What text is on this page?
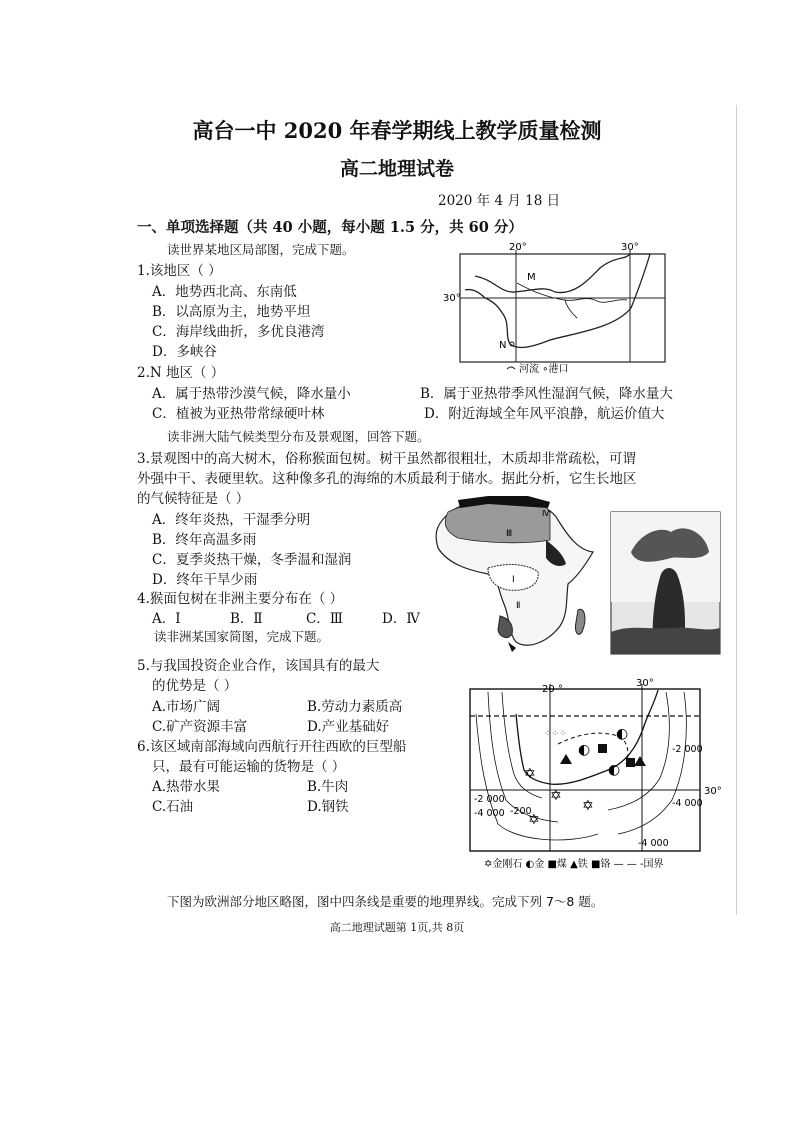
高台一中 2020 年春学期线上教学质量检测
高二地理试卷
2020 年 4 月 18 日
一、单项选择题（共 40 小题，每小题 1.5 分，共 60 分）
读世界某地区局部图，完成下题。
1.该地区（ ）
A．地势西北高、东南低
B．以高原为主，地势平坦
C．海岸线曲折，多优良港湾
D．多峡谷
M
N
20°	30°
30°
河流 ∘港口
2.N 地区（ ）
A．属于热带沙漠气候，降水量小	B．属于亚热带季风性湿润气候，降水量大
C．植被为亚热带常绿硬叶林	D．附近海域全年风平浪静，航运价值大
读非洲大陆气候类型分布及景观图，回答下题。
3.景观图中的高大树木，俗称猴面包树。树干虽然都很粗壮，木质却非常疏松，可谓
外强中干、表硬里软。这种像多孔的海绵的木质最利于储水。据此分析，它生长地区
的气候特征是（ ）
A．终年炎热，干湿季分明
B．终年高温多雨
C．夏季炎热干燥，冬季温和湿润
D．终年干旱少雨
4.猴面包树在非洲主要分布在（ ）
A．Ⅰ	B．Ⅱ	C．Ⅲ	D．Ⅳ
Ⅲ
Ⅳ
Ⅰ
Ⅱ
读非洲某国家简图，完成下题。
5.与我国投资企业合作，该国具有的最大
的优势是（ ）
A.市场广阔	B.劳动力素质高
C.矿产资源丰富	D.产业基础好
6.该区域南部海域向西航行开往西欧的巨型船
只，最有可能运输的货物是（ ）
A.热带水果	B.牛肉
C.石油	D.钢铁
✡
✡
✡
✡
◐
◐
◐
⁘⁘⁘
20 °
30°
30°
-2 000
-2 000
-4 000 -200
-4 000
-4 000
✡金刚石 ◐金 ■煤 ▲铁 ■铬 — — -国界
下图为欧洲部分地区略图，图中四条线是重要的地理界线。完成下列 7～8 题。
高二地理试题第 1页,共 8页
